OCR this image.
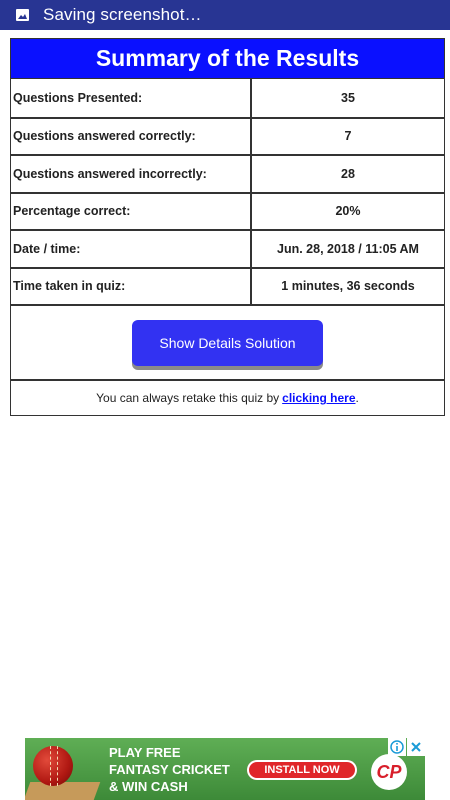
Saving screenshot…
Summary of the Results
Questions Presented:	35
Questions answered correctly:	7
Questions answered incorrectly:	28
Percentage correct:	20%
Date / time:	Jun. 28, 2018 / 11:05 AM
Time taken in quiz:	1 minutes, 36 seconds
Show Details Solution
You can always retake this quiz by clicking here .
PLAY FREE
FANTASY CRICKET
& WIN CASH
INSTALL NOW	CP
